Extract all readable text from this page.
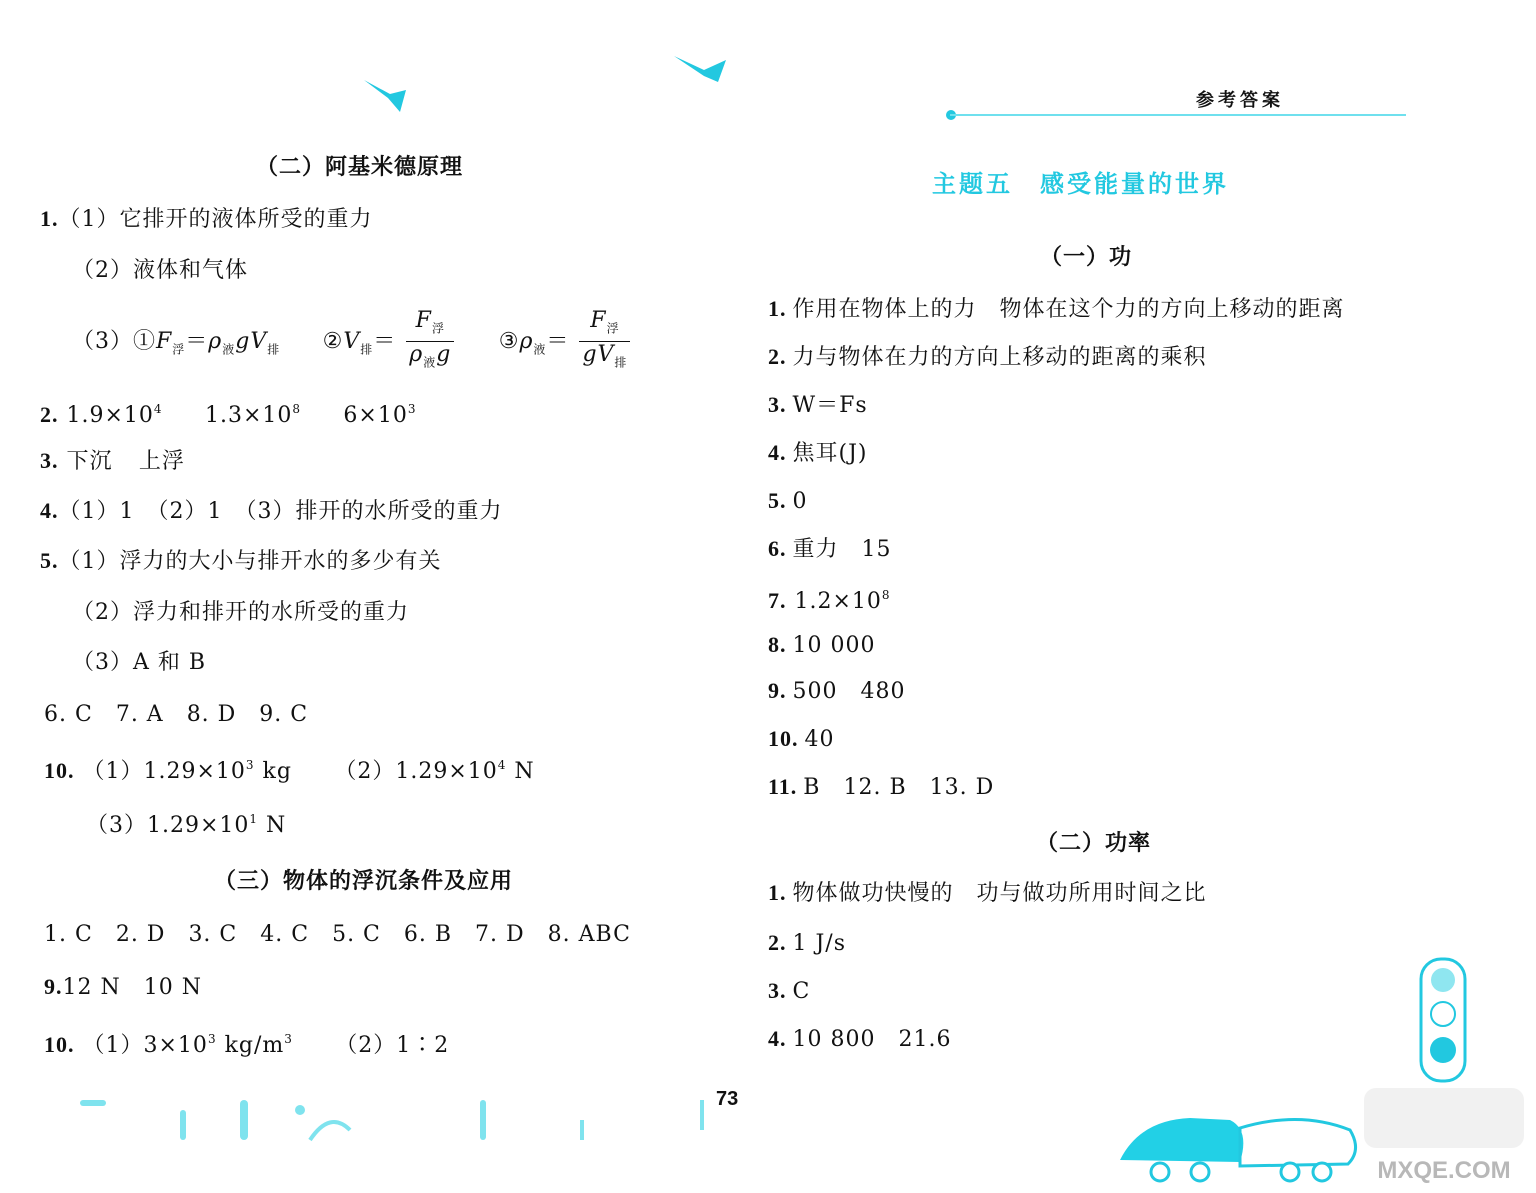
参考答案
（二）阿基米德原理
1.（1）它排开的液体所受的重力
（2）液体和气体
$(3)①F_浮=\rho_液gV_排$ $②V_排= \frac{F_浮}{\rho_液g}$ $③\rho_液= \frac{F_浮}{gV_排}$
2. $1.9\times 10^4$ $1.3\times 10^8$ $6\times 10^3$
3. 下沉 上浮
4.（1）1　（2）1　（3）排开的水所受的重力
5.（1）浮力的大小与排开水的多少有关
（2）浮力和排开的水所受的重力
（3）A 和 B
6. C　7. A　8. D　9. C
10. $(1)1.29\times 10^3$ kg $(2)1.29\times 10^4$ N
$(3)1.29\times 10^1$ N
（三）物体的浮沉条件及应用
1. C　2. D　3. C　4. C　5. C　6. B　7. D　8. ABC
9.12 N　10 N
10. $(1)3\times 10^3$ $kg/m^3$ （2）1∶2
主题五　感受能量的世界
（一）功
1. 作用在物体上的力　物体在这个力的方向上移动的距离
2. 力与物体在力的方向上移动的距离的乘积
3. W＝Fs
4. 焦耳(J)
5. 0
6. 重力　15
8. 10 000
9. 500　480
10. 40
11. B　12. B　13. D
7. $1.2\times 10^8$
（二）功率
1. 物体做功快慢的　功与做功所用时间之比
2. 1 J/s
3. C
4. 10 800　21.6
73
MXQE.COM
